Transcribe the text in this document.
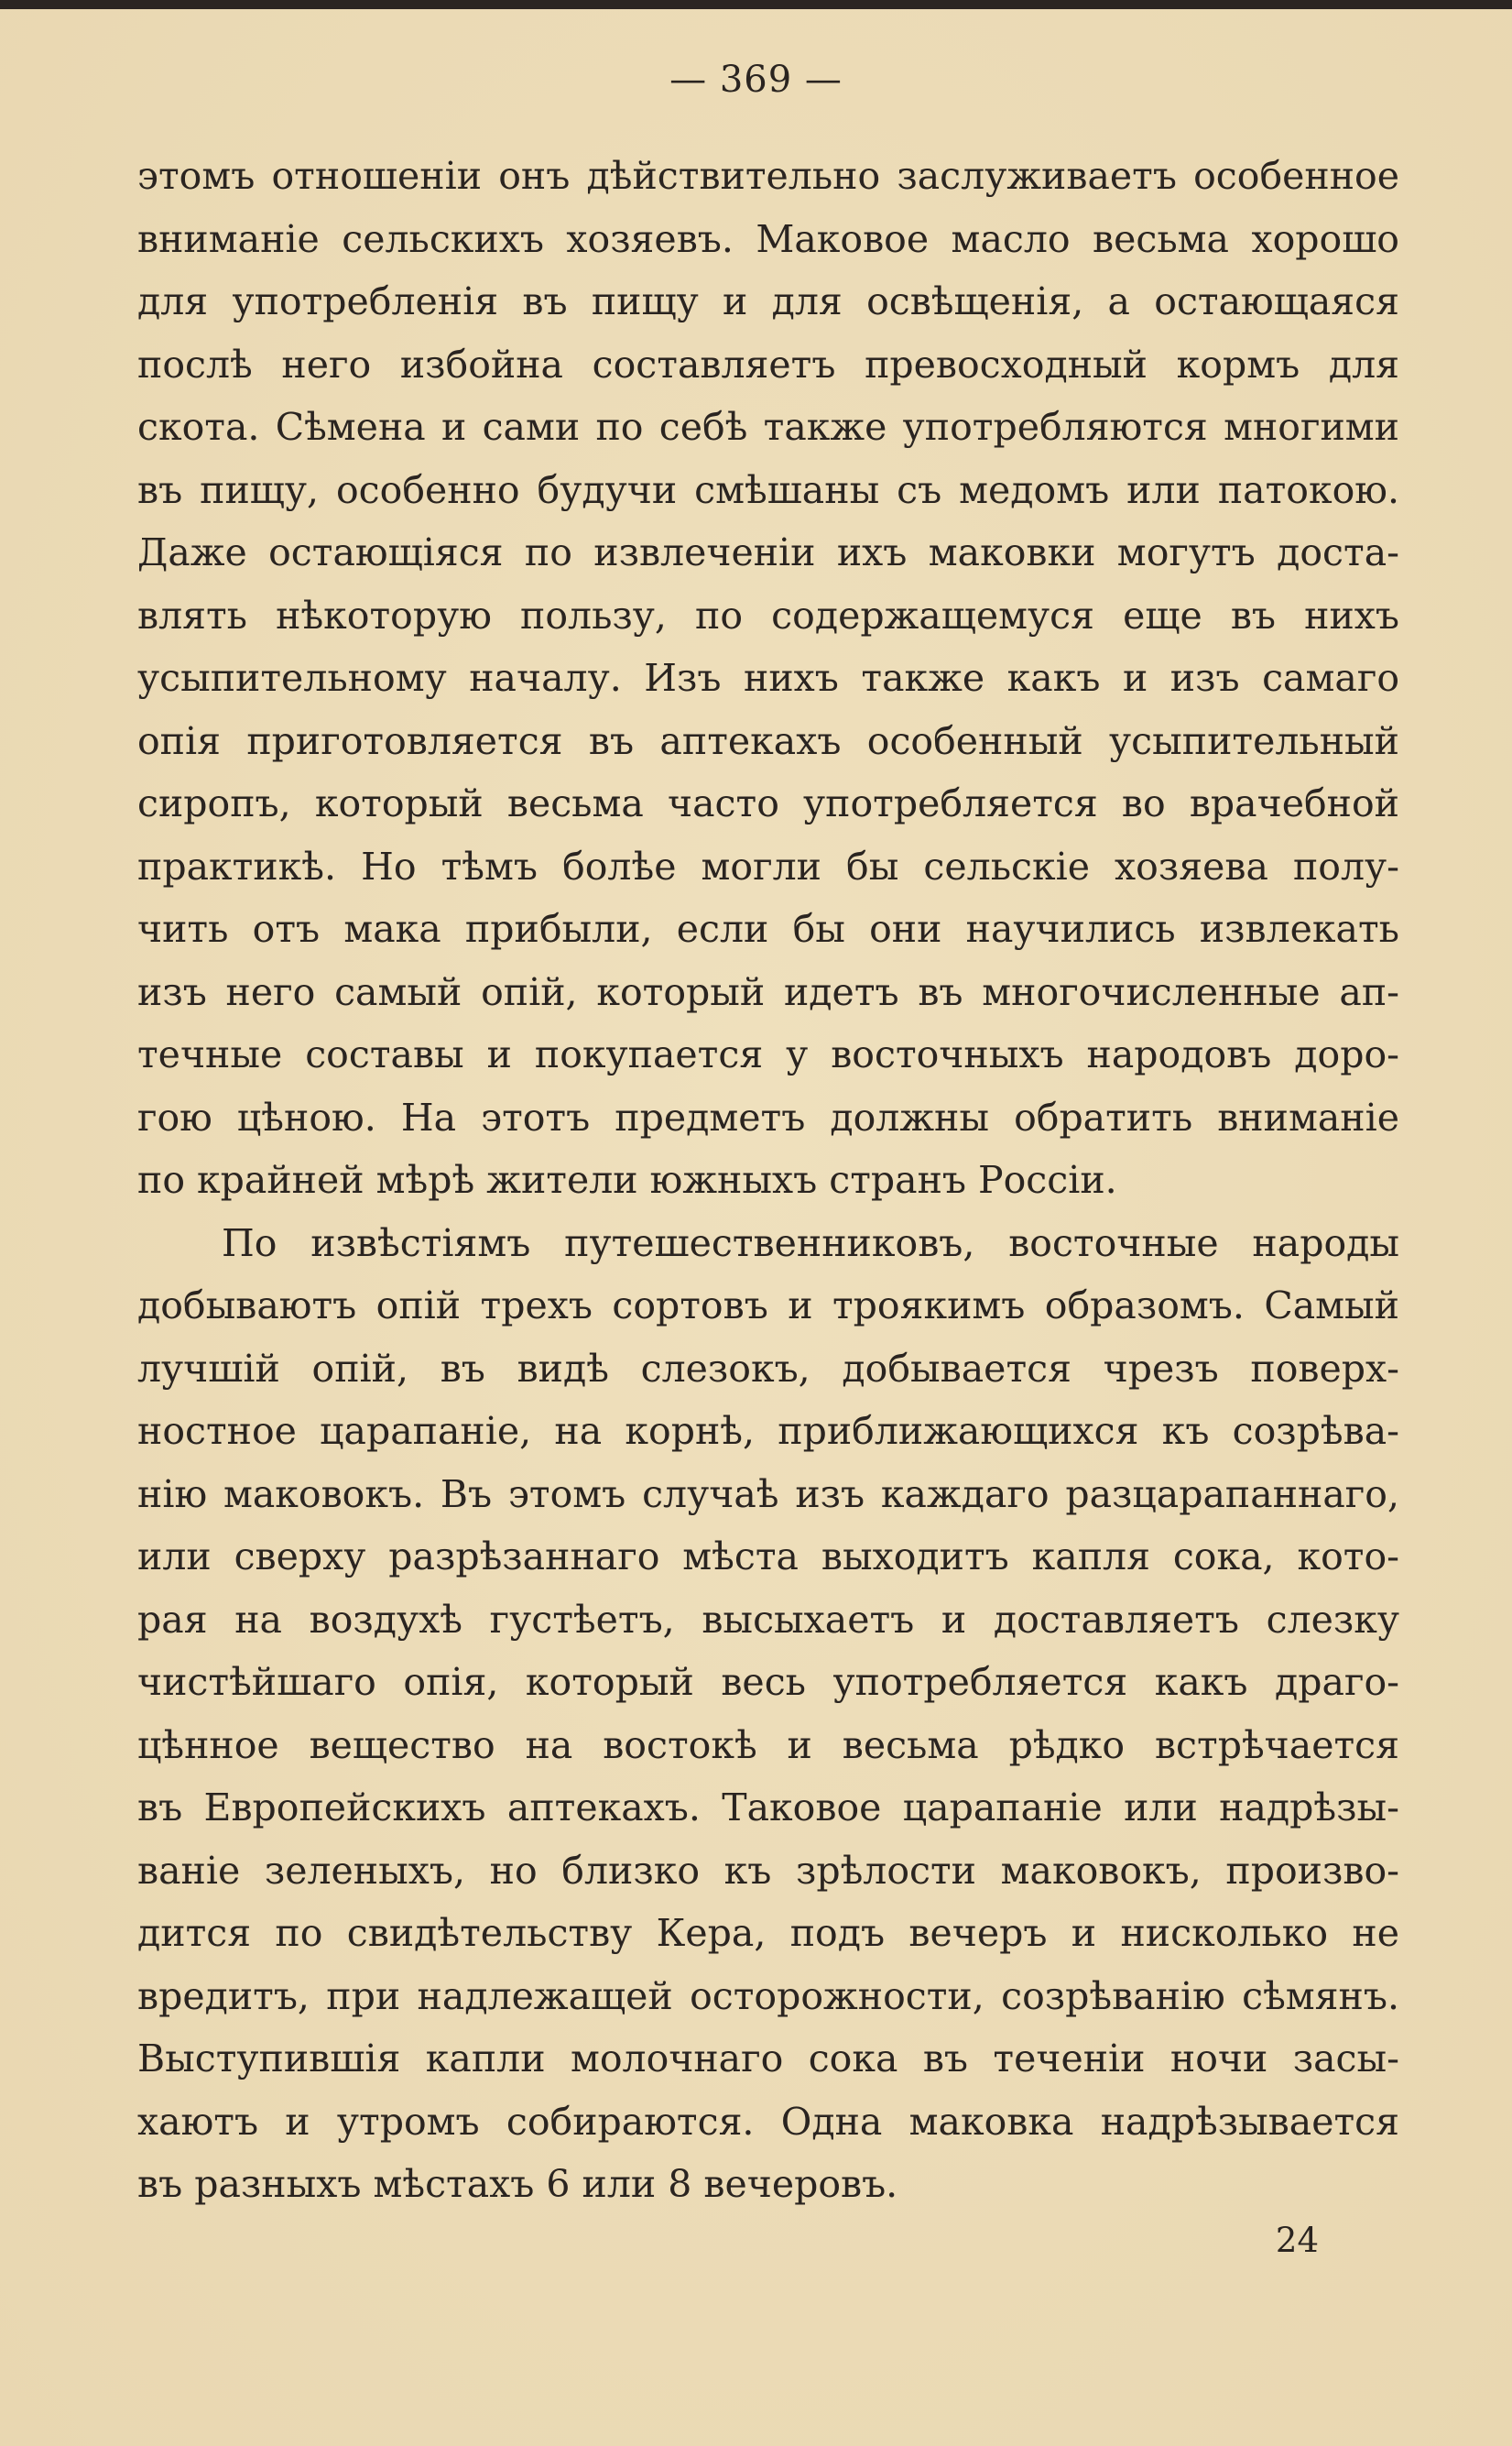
— 369 —
этомъ отношеніи онъ дѣйствительно заслуживаетъ особенное
вниманіе сельскихъ хозяевъ. Маковое масло весьма хорошо
для употребленія въ пищу и для освѣщенія, а остающаяся
послѣ него избойна составляетъ превосходный кормъ для
скота. Сѣмена и сами по себѣ также употребляются многими
въ пищу, особенно будучи смѣшаны съ медомъ или патокою.
Даже остающіяся по извлеченіи ихъ маковки могутъ доста-
влять нѣкоторую пользу, по содержащемуся еще въ нихъ
усыпительному началу. Изъ нихъ также какъ и изъ самаго
опія приготовляется въ аптекахъ особенный усыпительный
сиропъ, который весьма часто употребляется во врачебной
практикѣ. Но тѣмъ болѣе могли бы сельскіе хозяева полу-
чить отъ мака прибыли, если бы они научились извлекать
изъ него самый опій, который идетъ въ многочисленные ап-
течные составы и покупается у восточныхъ народовъ доро-
гою цѣною. На этотъ предметъ должны обратить вниманіе
по крайней мѣрѣ жители южныхъ странъ Россіи.
По извѣстіямъ путешественниковъ, восточные народы
добываютъ опій трехъ сортовъ и троякимъ образомъ. Самый
лучшій опій, въ видѣ слезокъ, добывается чрезъ поверх-
ностное царапаніе, на корнѣ, приближающихся къ созрѣва-
нію маковокъ. Въ этомъ случаѣ изъ каждаго разцарапаннаго,
или сверху разрѣзаннаго мѣста выходитъ капля сока, кото-
рая на воздухѣ густѣетъ, высыхаетъ и доставляетъ слезку
чистѣйшаго опія, который весь употребляется какъ драго-
цѣнное вещество на востокѣ и весьма рѣдко встрѣчается
въ Европейскихъ аптекахъ. Таковое царапаніе или надрѣзы-
ваніе зеленыхъ, но близко къ зрѣлости маковокъ, произво-
дится по свидѣтельству Кера, подъ вечеръ и нисколько не
вредитъ, при надлежащей осторожности, созрѣванію сѣмянъ.
Выступившія капли молочнаго сока въ теченіи ночи засы-
хаютъ и утромъ собираются. Одна маковка надрѣзывается
въ разныхъ мѣстахъ 6 или 8 вечеровъ.
24
